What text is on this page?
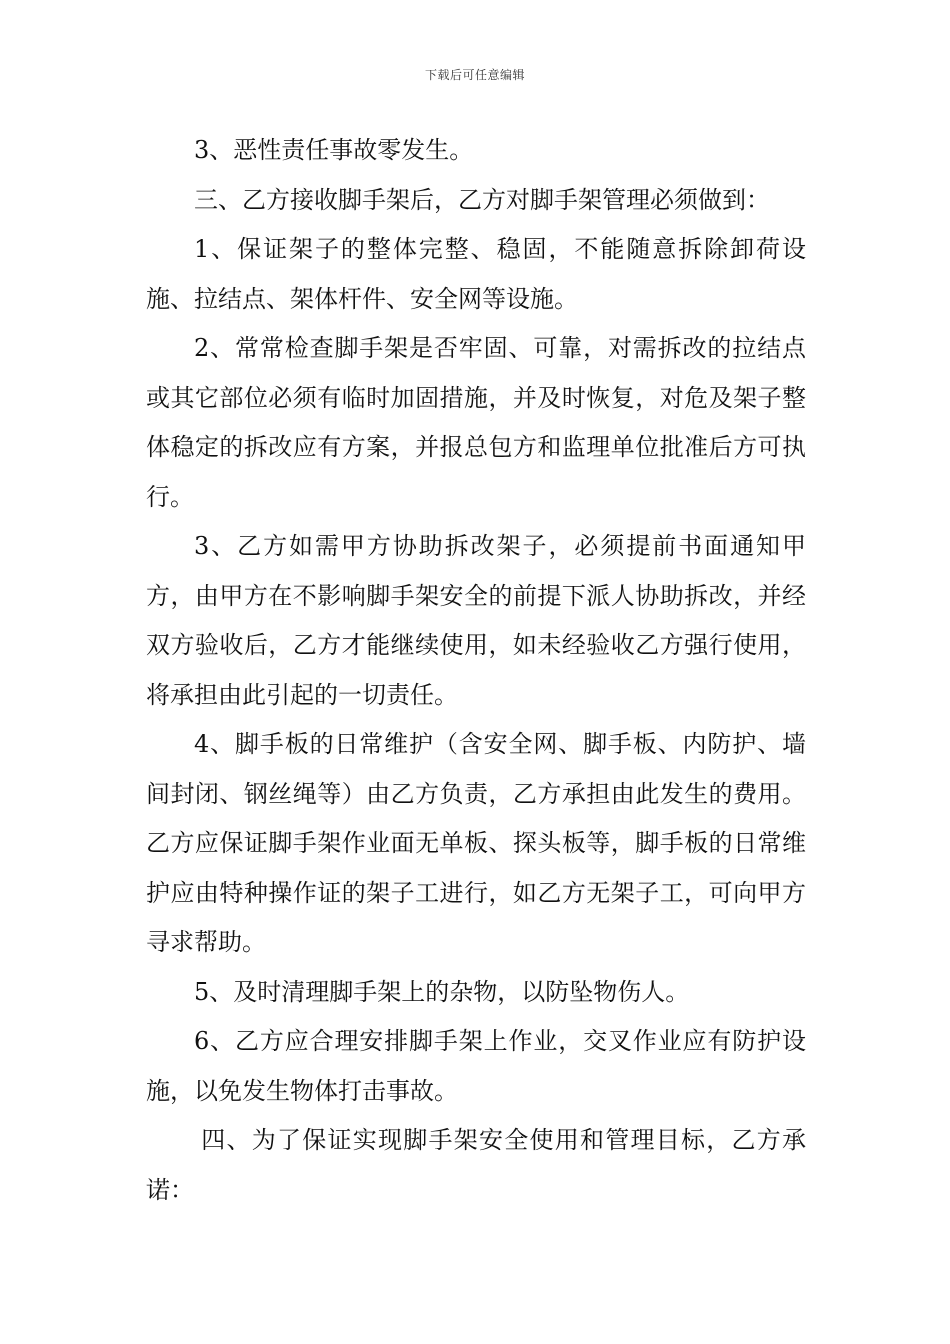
下载后可任意编辑

3、恶性责任事故零发生。

三、乙方接收脚手架后，乙方对脚手架管理必须做到：

1、保证架子的整体完整、稳固，不能随意拆除卸荷设施、拉结点、架体杆件、安全网等设施。

2、常常检查脚手架是否牢固、可靠，对需拆改的拉结点或其它部位必须有临时加固措施，并及时恢复，对危及架子整体稳定的拆改应有方案，并报总包方和监理单位批准后方可执行。

3、乙方如需甲方协助拆改架子，必须提前书面通知甲方，由甲方在不影响脚手架安全的前提下派人协助拆改，并经双方验收后，乙方才能继续使用，如未经验收乙方强行使用，将承担由此引起的一切责任。

4、脚手板的日常维护（含安全网、脚手板、内防护、墙间封闭、钢丝绳等）由乙方负责，乙方承担由此发生的费用。乙方应保证脚手架作业面无单板、探头板等，脚手板的日常维护应由特种操作证的架子工进行，如乙方无架子工，可向甲方寻求帮助。

5、及时清理脚手架上的杂物，以防坠物伤人。

6、乙方应合理安排脚手架上作业，交叉作业应有防护设施，以免发生物体打击事故。

四、为了保证实现脚手架安全使用和管理目标，乙方承诺：
